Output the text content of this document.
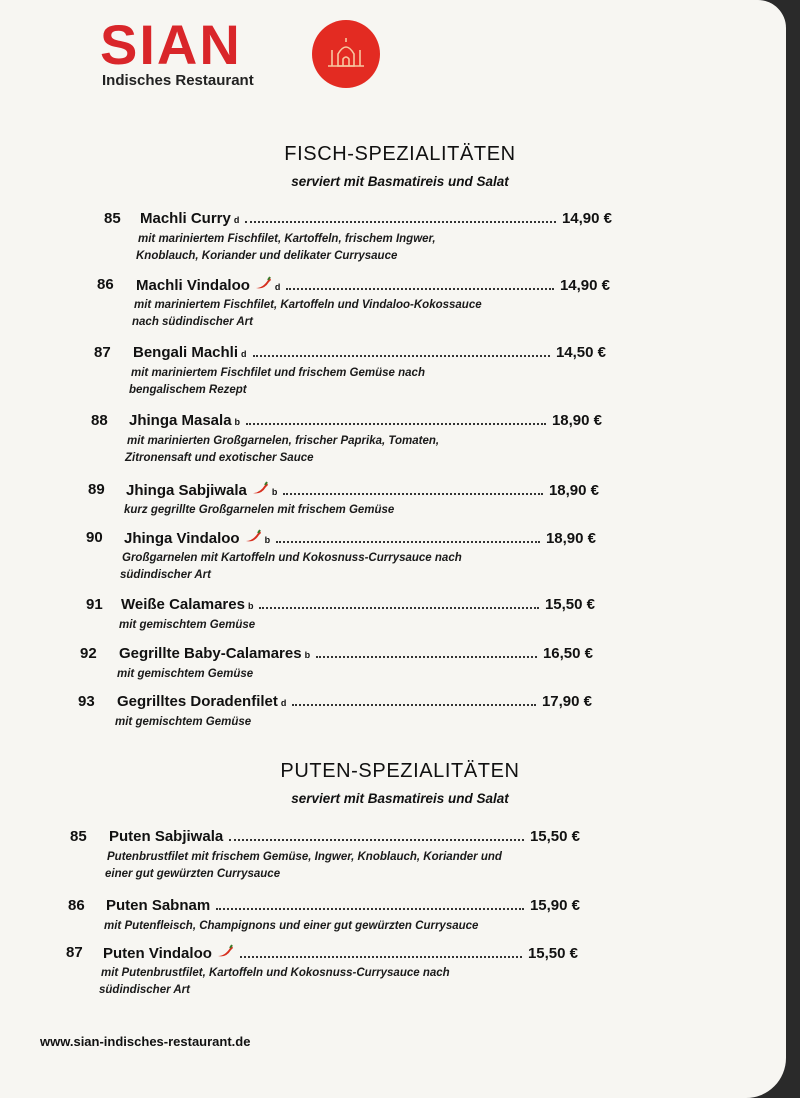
SIAN
Indisches Restaurant
FISCH-SPEZIALITÄTEN
serviert mit Basmatireis und Salat
85 Machli Curry d	14,90 €
mit mariniertem Fischfilet, Kartoffeln, frischem Ingwer,
Knoblauch, Koriander und delikater Currysauce
86 Machli Vindaloo	d	14,90 €
mit mariniertem Fischfilet, Kartoffeln und Vindaloo-Kokossauce
nach südindischer Art
87 Bengali Machli d	14,50 €
mit mariniertem Fischfilet und frischem Gemüse nach
bengalischem Rezept
88 Jhinga Masala b	18,90 €
mit marinierten Großgarnelen, frischer Paprika, Tomaten,
Zitronensaft und exotischer Sauce
89 Jhinga Sabjiwala	b	18,90 €
kurz gegrillte Großgarnelen mit frischem Gemüse
90 Jhinga Vindaloo	b	18,90 €
Großgarnelen mit Kartoffeln und Kokosnuss-Currysauce nach
südindischer Art
91 Weiße Calamares b	15,50 €
mit gemischtem Gemüse
92 Gegrillte Baby-Calamares b	16,50 €
mit gemischtem Gemüse
93 Gegrilltes Doradenfilet d	17,90 €
mit gemischtem Gemüse
PUTEN-SPEZIALITÄTEN
serviert mit Basmatireis und Salat
85 Puten Sabjiwala	15,50 €
Putenbrustfilet mit frischem Gemüse, Ingwer, Knoblauch, Koriander und
einer gut gewürzten Currysauce
86 Puten Sabnam	15,90 €
mit Putenfleisch, Champignons und einer gut gewürzten Currysauce
87 Puten Vindaloo	15,50 €
mit Putenbrustfilet, Kartoffeln und Kokosnuss-Currysauce nach
südindischer Art
www.sian-indisches-restaurant.de
